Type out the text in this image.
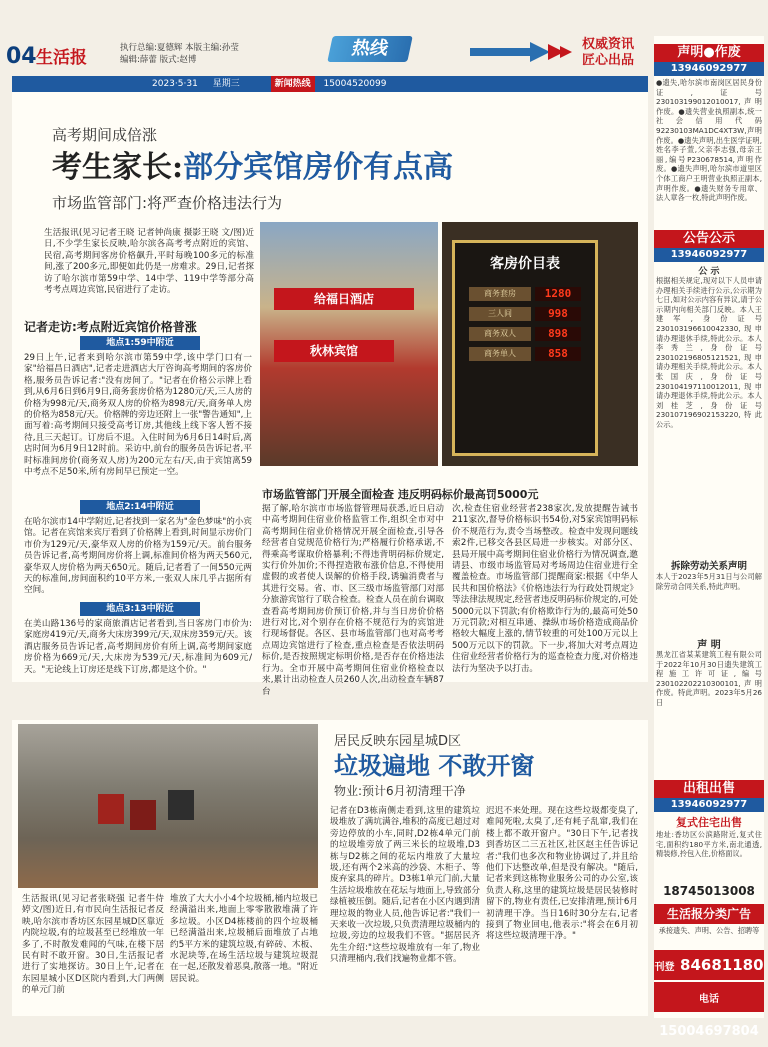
04 生活报	执行总编:夏德辉 本版主编:孙莹
编辑:薛蕾 版式:赵博
热线	权威资讯
匠心出品
2023·5·31 星期三	新闻热线 15004520099
高考期间成倍涨
考生家长:部分宾馆房价有点高
市场监管部门:将严查价格违法行为
生活报讯(见习记者王晓 记者钟尚康 摄影王晓 文/图)近日,不少学生家长反映,哈尔滨各高考考点附近的宾馆、民宿,高考期间客房价格飙升,平时每晚100多元的标准间,涨了200多元,即便如此仍是一房难求。29日,记者探访了哈尔滨市第59中学、14中学、119中学等部分高考考点周边宾馆,民宿进行了走访。
记者走访:考点附近宾馆价格普涨
地点1:59中附近
29日上午,记者来到哈尔滨市第59中学,该中学门口有一家"给福昌日酒店",记者走进酒店大厅咨询高考期间的客房价格,服务员告诉记者:"没有房间了。"记者在价格公示牌上看到,从6月6日到6月9日,商务套房价格为1280元/天,三人房的价格为998元/天,商务双人房的价格为898元/天,商务单人房的价格为858元/天。价格牌的旁边还附上一张"警告通知",上面写着:高考期间只接受高考订房,其他线上线下客人暂不接待,且三天起订。订房后不退。入住时间为6月6日14时后,离店时间为6月9日12时前。采访中,前台的服务员告诉记者,平时标准间房价(商务双人房)为200元左右/天,由于宾馆离59中考点不足50米,所有房间早已预定一空。
地点2:14中附近
在哈尔滨市14中学附近,记者找到一家名为"金色梦味"的小宾馆。记者在宾馆来宾厅看到了价格牌上看到,时间显示房价门市价为129元/天,豪华双人房的价格为159元/天。前台服务员告诉记者,高考期间房价将上调,标准间价格为两天560元,豪华双人房价格为两天650元。随后,记者看了一间550元两天的标准间,房间面积约10平方米,一张双人床几乎占据所有空间。
地点3:13中附近
在美山路136号的家商旅酒店记者看到,当日客房门市价为:家庭房419元/天,商务大床房399元/天,双床房359元/天。该酒店服务员告诉记者,高考期间房价有所上调,高考期间家庭房价格为669元/天,大床房为539元/天,标准间为609元/天。"无论线上订房还是线下订房,都是这个价。"
给福日酒店
秋林宾馆
客房价目表
商务套房	1280
三人间	998
商务双人	898
商务单人	858
市场监管部门开展全面检查 违反明码标价最高罚5000元
据了解,哈尔滨市市场监督管理局获悉,近日启动中高考期间住宿业价格监管工作,组织全市对中高考期间住宿业价格情况开展全面检查,引导各经营者自觉规范价格行为;严格履行价格承诺,不得乘高考谋取价格暴利;不得违背明码标价规定,实行价外加价;不得捏造散布涨价信息,不得使用虚假的或者使人误解的价格手段,诱骗消费者与其进行交易。省、市、区三级市场监管部门对部分旅游宾馆行了联合检查。检查人员在前台调取查看高考期间房价预订价格,并与当日房价价格进行对比,对个别存在价格不规范行为的宾馆进行现场督促。各区、县市场监管部门也对高考考点周边宾馆进行了检查,重点检查是否依法明码标价,是否按照规定标明价格,是否存在价格违法行为。全市开展中高考期间住宿业价格检查以来,累计出动检查人员260人次,出动检查车辆87台
次,检查住宿业经营者238家次,发放提醒告诫书211家次,督导价格标识书54份,对5家宾馆明码标价不规范行为,责令当场整改。检查中发现问题线索2件,已移交各县区局进一步核实。对部分区、县局开展中高考期间住宿业价格行为情况调查,邀请县、市级市场监管局对考场周边住宿业进行全覆盖检查。市场监管部门提醒商家:根据《中华人民共和国价格法》《价格违法行为行政处罚规定》等法律法规规定,经营者违反明码标价规定的,可处5000元以下罚款;有价格欺诈行为的,最高可处50万元罚款;对相互串通、操纵市场价格造成商品价格较大幅度上涨的,情节较重的可处100万元以上500万元以下的罚款。下一步,将加大对考点周边住宿业经营者价格行为的巡查检查力度,对价格违法行为坚决予以打击。
居民反映东园星城D区
垃圾遍地 不敢开窗
物业:预计6月初清理干净
生活报讯(见习记者张晓强 记者牛侍婷文/图)近日,有市民向生活报记者反映,哈尔滨市香坊区东园星城D区靠近内院垃圾,有的垃圾甚至已经堆放一年多了,不时散发难闻的气味,在楼下居民有时不敢开窗。30日,生活报记者进行了实地探访。30日上午,记者在东园星城小区D区院内看到,大门两侧的单元门前
堆放了大大小小4个垃圾桶,桶内垃圾已经满溢出来,地面上零零散散堆满了许多垃圾。小区D4栋楼前的四个垃圾桶已经满溢出来,垃圾桶后面堆放了占地约5平方米的建筑垃圾,有碎砖、木板、水泥块等,在场生活垃圾与建筑垃圾混在一起,还散发着恶臭,散落一地。"附近居民说。
记者在D3栋南侧走看到,这里的建筑垃圾堆放了满坑满谷,堆积的高度已超过对旁边停放的小车,同时,D2栋4单元门前的垃圾堆旁放了两三米长的垃圾堆,D3栋与D2栋之间的花坛内堆放了大量垃圾,还有两个2米高的沙袋、木柜子、等废弃家具的碎片。D3栋1单元门前,大量生活垃圾堆放在花坛与地面上,导致部分绿植被压倒。随后,记者在小区内遇到清理垃圾的物业人员,他告诉记者:"我们一天来收一次垃圾,只负责清理垃圾桶内的垃圾,旁边的垃圾我们不管。"据居民齐先生介绍:"这些垃圾堆放有一年了,物业只清理桶内,我们找遍物业都不管。
迟迟不来处理。现在这些垃圾都变臭了,难闻死啦,太臭了,还有耗子乱窜,我们在楼上都不敢开窗户。"30日下午,记者找到香坊区二三五社区,社区赵主任告诉记者:"我们也多次和物业协调过了,并且给他们下达整改单,但是没有解决。"随后,记者来到这栋物业服务公司的办公室,该负责人称,这里的建筑垃圾是居民装修时留下的,物业有责任,已安排清理,预计6月初清理干净。当日16时30分左右,记者接到了物业回电,他表示:"将会在6月初将这些垃圾清理干净。"
声明●作废
13946092977
●遗失,哈尔滨市南岗区居民身份证,证号230103199012010017,声明作废。●遗失营业执照副本,统一社会信用代码92230103MA1DC4XT3W,声明作废。●遗失声明,出生医学证明,姓名李子萱,父亲李志强,母亲王丽,编号P230678514,声明作废。●遗失声明,哈尔滨市道里区个体工商户王明营业执照正副本,声明作废。●遗失财务专用章、法人章各一枚,特此声明作废。
公告公示
13946092977
公 示
根据相关规定,现对以下人员申请办理相关手续进行公示,公示期为七日,如对公示内容有异议,请于公示期内向相关部门反映。本人王建军,身份证号230103196610042330,现申请办理退休手续,特此公示。本人李秀兰,身份证号230102196805121521,现申请办理相关手续,特此公示。本人张国庆,身份证号230104197110012011,现申请办理退休手续,特此公示。本人刘桂芝,身份证号230107196902153220,特此公示。
拆除劳动关系声明
本人于2023年5月31日与公司解除劳动合同关系,特此声明。
声 明
黑龙江省某某建筑工程有限公司于2022年10月30日遗失建筑工程施工许可证,编号230102202210300101,声明作废。特此声明。2023年5月26日
出租出售
13946092977
复式住宅出售
地址:香坊区公滨路附近,复式住宅,面积约180平方米,南北通透,精装修,拎包入住,价格面议。
18745013008
生活报分类广告
承接遗失、声明、公告、招聘等
刊登 84681180
电话 15004697804
